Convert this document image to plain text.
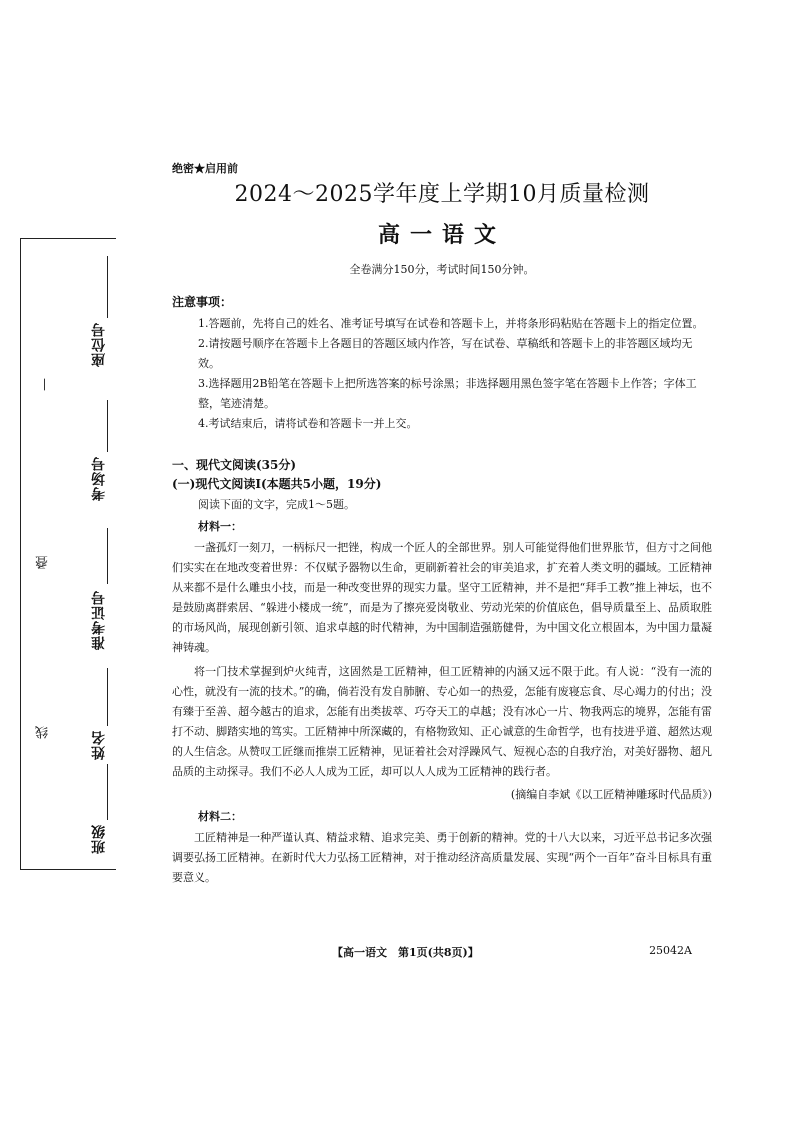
座位号
考场号
准考证号
姓名
班级
—
叠
线
绝密★启用前
2024～2025学年度上学期10月质量检测
高一语文
全卷满分150分，考试时间150分钟。
注意事项：
1.答题前，先将自己的姓名、准考证号填写在试卷和答题卡上，并将条形码粘贴在答题卡上的指定位置。
2.请按题号顺序在答题卡上各题目的答题区域内作答，写在试卷、草稿纸和答题卡上的非答题区域均无效。
3.选择题用2B铅笔在答题卡上把所选答案的标号涂黑；非选择题用黑色签字笔在答题卡上作答；字体工整，笔迹清楚。
4.考试结束后，请将试卷和答题卡一并上交。
一、现代文阅读(35分)
(一)现代文阅读Ⅰ(本题共5小题，19分)
阅读下面的文字，完成1～5题。
材料一：

一盏孤灯一刻刀，一柄标尺一把锉，构成一个匠人的全部世界。别人可能觉得他们世界胀节，但方寸之间他们实实在在地改变着世界：不仅赋予器物以生命，更刷新着社会的审美追求，扩充着人类文明的疆域。工匠精神从来都不是什么雕虫小技，而是一种改变世界的现实力量。坚守工匠精神，并不是把“拜手工教”推上神坛，也不是鼓励离群索居、“躲进小楼成一统”，而是为了擦亮爱岗敬业、劳动光荣的价值底色，倡导质量至上、品质取胜的市场风尚，展现创新引领、追求卓越的时代精神，为中国制造强筋健骨，为中国文化立根固本，为中国力量凝神铸魂。

将一门技术掌握到炉火纯青，这固然是工匠精神，但工匠精神的内涵又远不限于此。有人说：“没有一流的心性，就没有一流的技术。”的确，倘若没有发自肺腑、专心如一的热爱，怎能有废寝忘食、尽心竭力的付出；没有臻于至善、超今越古的追求，怎能有出类拔萃、巧夺天工的卓越；没有冰心一片、物我两忘的境界，怎能有雷打不动、脚踏实地的笃实。工匠精神中所深藏的，有格物致知、正心诚意的生命哲学，也有技进乎道、超然达观的人生信念。从赞叹工匠继而推崇工匠精神，见证着社会对浮躁风气、短视心态的自我疗治，对美好器物、超凡品质的主动探寻。我们不必人人成为工匠，却可以人人成为工匠精神的践行者。

(摘编自李斌《以工匠精神雕琢时代品质》)
材料二：

工匠精神是一种严谨认真、精益求精、追求完美、勇于创新的精神。党的十八大以来，习近平总书记多次强调要弘扬工匠精神。在新时代大力弘扬工匠精神，对于推动经济高质量发展、实现“两个一百年”奋斗目标具有重要意义。

【高一语文　第1页(共8页)】	25042A
